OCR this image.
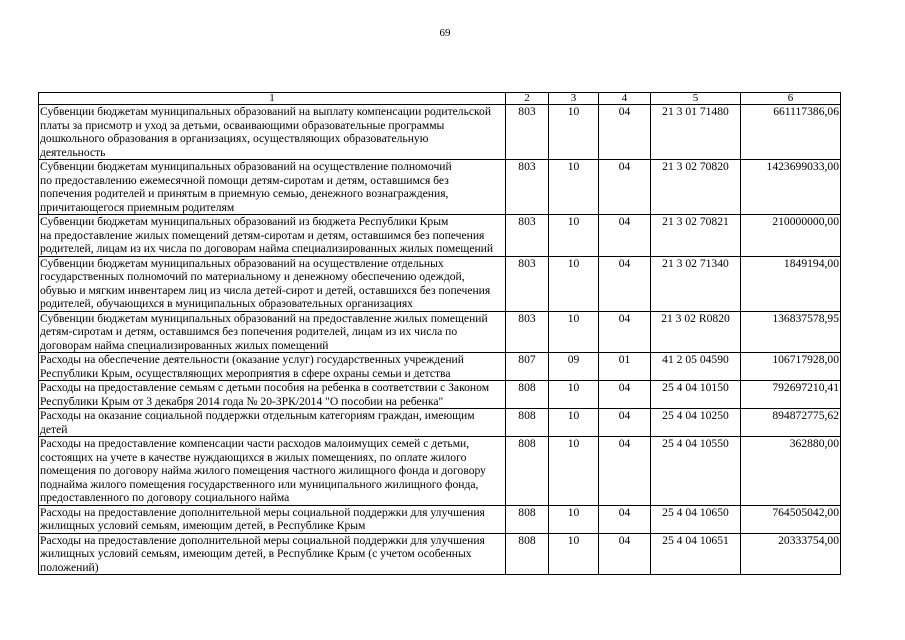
69
1	2	3	4	5	6
Субвенции бюджетам муниципальных образований на выплату компенсации родительской
платы за присмотр и уход за детьми, осваивающими образовательные программы
дошкольного образования в организациях, осуществляющих образовательную
деятельность	803	10	04	21 3 01 71480	661117386,06
Субвенции бюджетам муниципальных образований на осуществление полномочий
по предоставлению ежемесячной помощи детям-сиротам и детям, оставшимся без
попечения родителей и принятым в приемную семью, денежного вознаграждения,
причитающегося приемным родителям	803	10	04	21 3 02 70820	1423699033,00
Субвенции бюджетам муниципальных образований из бюджета Республики Крым
на предоставление жилых помещений детям-сиротам и детям, оставшимся без попечения
родителей, лицам из их числа по договорам найма специализированных жилых помещений	803	10	04	21 3 02 70821	210000000,00
Субвенции бюджетам муниципальных образований на осуществление отдельных
государственных полномочий по материальному и денежному обеспечению одеждой,
обувью и мягким инвентарем лиц из числа детей-сирот и детей, оставшихся без попечения
родителей, обучающихся в муниципальных образовательных организациях	803	10	04	21 3 02 71340	1849194,00
Субвенции бюджетам муниципальных образований на предоставление жилых помещений
детям-сиротам и детям, оставшимся без попечения родителей, лицам из их числа по
договорам найма специализированных жилых помещений	803	10	04	21 3 02 R0820	136837578,95
Расходы на обеспечение деятельности (оказание услуг) государственных учреждений
Республики Крым, осуществляющих мероприятия в сфере охраны семьи и детства	807	09	01	41 2 05 04590	106717928,00
Расходы на предоставление семьям с детьми пособия на ребенка в соответствии с Законом
Республики Крым от 3 декабря 2014 года № 20-ЗРК/2014 "О пособии на ребенка"	808	10	04	25 4 04 10150	792697210,41
Расходы на оказание социальной поддержки отдельным категориям граждан, имеющим
детей	808	10	04	25 4 04 10250	894872775,62
Расходы на предоставление компенсации части расходов малоимущих семей с детьми,
состоящих на учете в качестве нуждающихся в жилых помещениях, по оплате жилого
помещения по договору найма жилого помещения частного жилищного фонда и договору
поднайма жилого помещения государственного или муниципального жилищного фонда,
предоставленного по договору социального найма	808	10	04	25 4 04 10550	362880,00
Расходы на предоставление дополнительной меры социальной поддержки для улучшения
жилищных условий семьям, имеющим детей, в Республике Крым	808	10	04	25 4 04 10650	764505042,00
Расходы на предоставление дополнительной меры социальной поддержки для улучшения
жилищных условий семьям, имеющим детей, в Республике Крым (с учетом особенных
положений)	808	10	04	25 4 04 10651	20333754,00
